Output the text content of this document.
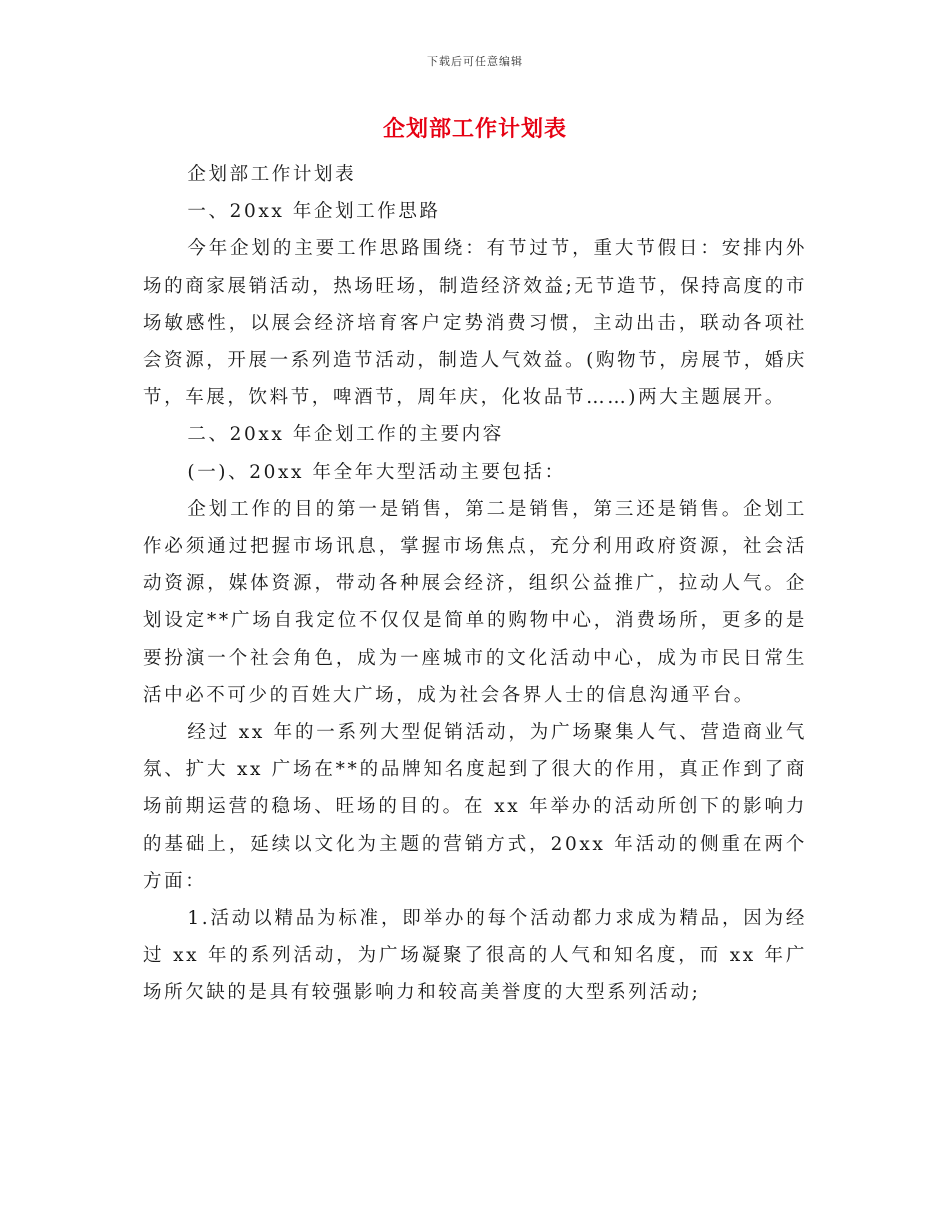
下载后可任意编辑
企划部工作计划表

企划部工作计划表

一、20xx 年企划工作思路

今年企划的主要工作思路围绕：有节过节，重大节假日：安排内外场的商家展销活动，热场旺场，制造经济效益;无节造节，保持高度的市场敏感性，以展会经济培育客户定势消费习惯，主动出击，联动各项社会资源，开展一系列造节活动，制造人气效益。(购物节，房展节，婚庆节，车展，饮料节，啤酒节，周年庆，化妆品节……)两大主题展开。

二、20xx 年企划工作的主要内容

(一)、20xx 年全年大型活动主要包括：

企划工作的目的第一是销售，第二是销售，第三还是销售。企划工作必须通过把握市场讯息，掌握市场焦点，充分利用政府资源，社会活动资源，媒体资源，带动各种展会经济，组织公益推广，拉动人气。企划设定**广场自我定位不仅仅是简单的购物中心，消费场所，更多的是要扮演一个社会角色，成为一座城市的文化活动中心，成为市民日常生活中必不可少的百姓大广场，成为社会各界人士的信息沟通平台。

经过 xx 年的一系列大型促销活动，为广场聚集人气、营造商业气氛、扩大 xx 广场在**的品牌知名度起到了很大的作用，真正作到了商场前期运营的稳场、旺场的目的。在 xx 年举办的活动所创下的影响力的基础上，延续以文化为主题的营销方式，20xx 年活动的侧重在两个方面：

1.活动以精品为标准，即举办的每个活动都力求成为精品，因为经过 xx 年的系列活动，为广场凝聚了很高的人气和知名度，而 xx 年广场所欠缺的是具有较强影响力和较高美誉度的大型系列活动;
